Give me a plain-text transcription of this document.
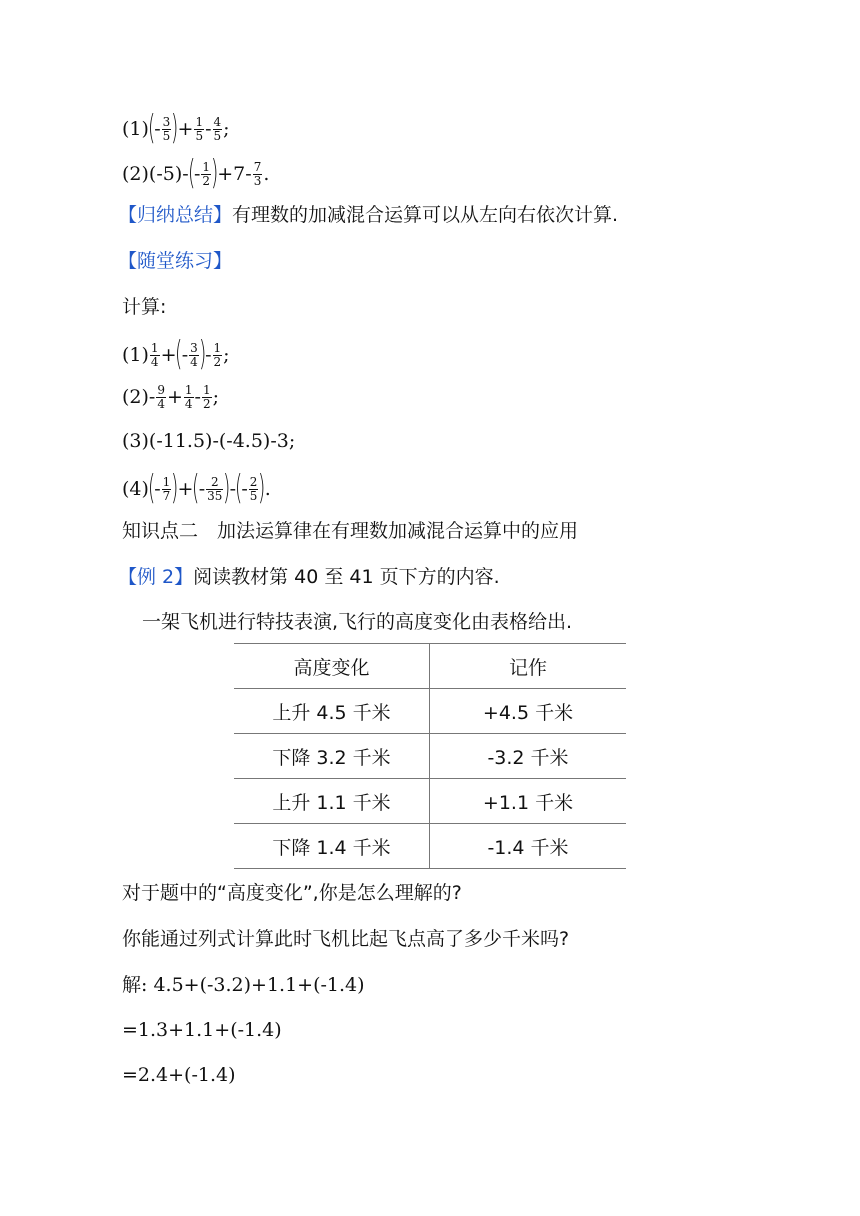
(1)
(
- $\frac{3}{5}$ )
+ $\frac{1}{5} - \frac{4}{5}$ ;
(2)(-5)-
(
- $\frac{1}{2}$ )
$+7- \frac{7}{3}$ .
【归纳总结】 有理数的加减混合运算可以从左向右依次计算.
【随堂练习】
计算:
$(1) \frac{1}{4}$ +
(
- $\frac{3}{4}$ )
- $\frac{1}{2}$ ;
$(2)- \frac{9}{4} + \frac{1}{4} - \frac{1}{2}$ ;
(3)(-11.5)-(-4.5)-3;
(4)
(
- $\frac{1}{7}$ )
+
(
- $\frac{2}{35}$ )
-
(
- $\frac{2}{5}$ )
.
知识点二　加法运算律在有理数加减混合运算中的应用
【例 2】 阅读教材第 40 至 41 页下方的内容.
一架飞机进行特技表演,飞行的高度变化由表格给出.
高度变化	记作
上升 4.5 千米	+4.5 千米
下降 3.2 千米	-3.2 千米
上升 1.1 千米	+1.1 千米
下降 1.4 千米	-1.4 千米
对于题中的“高度变化”,你是怎么理解的?
你能通过列式计算此时飞机比起飞点高了多少千米吗?
解: 4.5+(-3.2)+1.1+(-1.4)
=1.3+1.1+(-1.4)
=2.4+(-1.4)
